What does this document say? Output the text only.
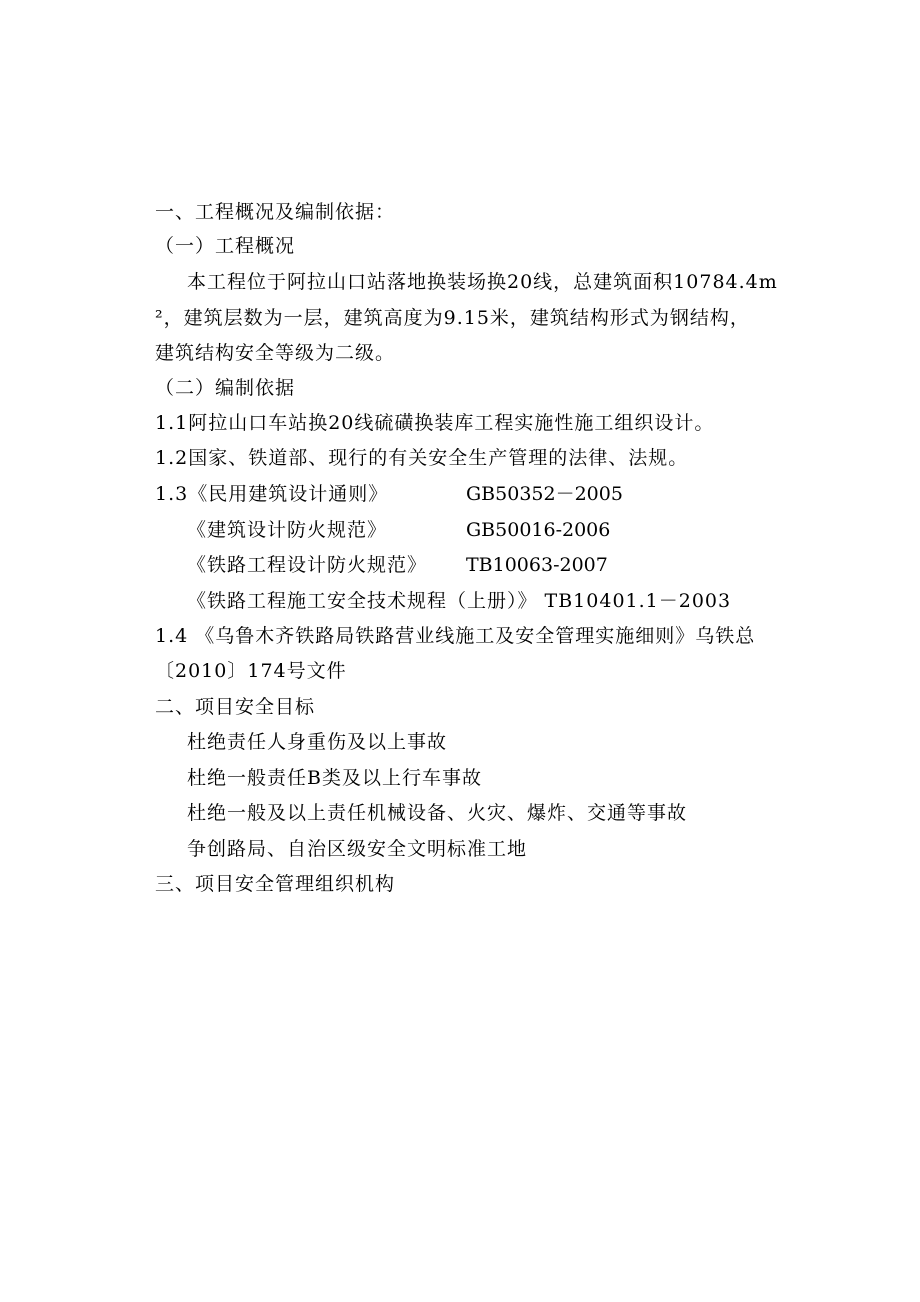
一、工程概况及编制依据：
（一）工程概况
本工程位于阿拉山口站落地换装场换20线，总建筑面积10784.4m
²，建筑层数为一层，建筑高度为9.15米，建筑结构形式为钢结构，
建筑结构安全等级为二级。
（二）编制依据
1.1阿拉山口车站换20线硫磺换装库工程实施性施工组织设计。
1.2国家、铁道部、现行的有关安全生产管理的法律、法规。
1.3《民用建筑设计通则》	GB50352－2005
《建筑设计防火规范》	GB50016-2006
《铁路工程设计防火规范》 TB10063-2007
《铁路工程施工安全技术规程（上册）》 TB10401.1－2003
1.4 《乌鲁木齐铁路局铁路营业线施工及安全管理实施细则》乌铁总
〔2010〕174号文件
二、项目安全目标
杜绝责任人身重伤及以上事故
杜绝一般责任B类及以上行车事故
杜绝一般及以上责任机械设备、火灾、爆炸、交通等事故
争创路局、自治区级安全文明标准工地
三、项目安全管理组织机构
